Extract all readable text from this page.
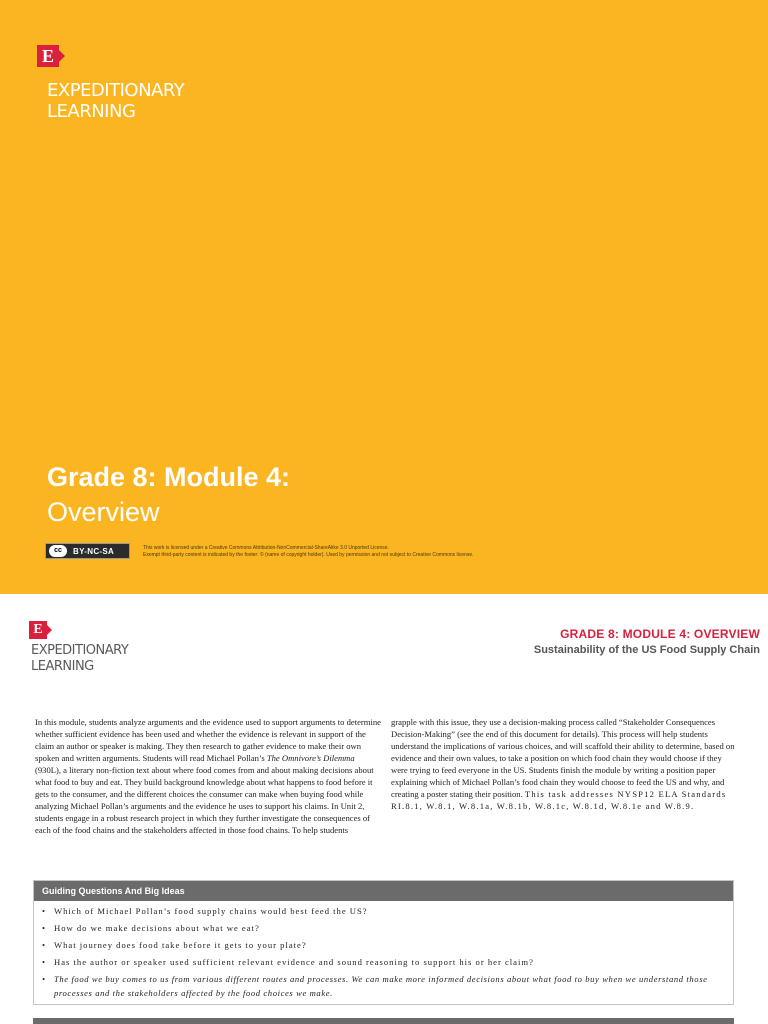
E
EXPEDITIONARY
LEARNING
Grade 8: Module 4:
Overview
cc	BY-NC-SA	This work is licensed under a Creative Commons Attribution-NonCommercial-ShareAlike 3.0 Unported License.
Exempt third-party content is indicated by the footer: © (name of copyright holder). Used by permission and not subject to Creative Commons license.
E
EXPEDITIONARY
LEARNING
GRADE 8: MODULE 4: OVERVIEW
Sustainability of the US Food Supply Chain
In this module, students analyze arguments and the evidence used to support arguments to determine whether sufficient evidence has been used and whether the evidence is relevant in support of the claim an author or speaker is making. They then research to gather evidence to make their own spoken and written arguments. Students will read Michael Pollan’s The Omnivore’s Dilemma (930L), a literary non-fiction text about where food comes from and about making decisions about what food to buy and eat. They build background knowledge about what happens to food before it gets to the consumer, and the different choices the consumer can make when buying food while analyzing Michael Pollan’s arguments and the evidence he uses to support his claims. In Unit 2, students engage in a robust research project in which they further investigate the consequences of each of the food chains and the stakeholders affected in those food chains. To help students
grapple with this issue, they use a decision-making process called “Stakeholder Consequences Decision-Making” (see the end of this document for details). This process will help students understand the implications of various choices, and will scaffold their ability to determine, based on evidence and their own values, to take a position on which food chain they would choose if they were trying to feed everyone in the US. Students finish the module by writing a position paper explaining which of Michael Pollan’s food chain they would choose to feed the US and why, and creating a poster stating their position. This task addresses NYSP12 ELA Standards RI.8.1, W.8.1, W.8.1a, W.8.1b, W.8.1c, W.8.1d, W.8.1e and W.8.9.
Guiding Questions And Big Ideas
• Which of Michael Pollan’s food supply chains would best feed the US?
• How do we make decisions about what we eat?
• What journey does food take before it gets to your plate?
• Has the author or speaker used sufficient relevant evidence and sound reasoning to support his or her claim?
• The food we buy comes to us from various different routes and processes. We can make more informed decisions about what food to buy when we understand those processes and the stakeholders affected by the food choices we make.
